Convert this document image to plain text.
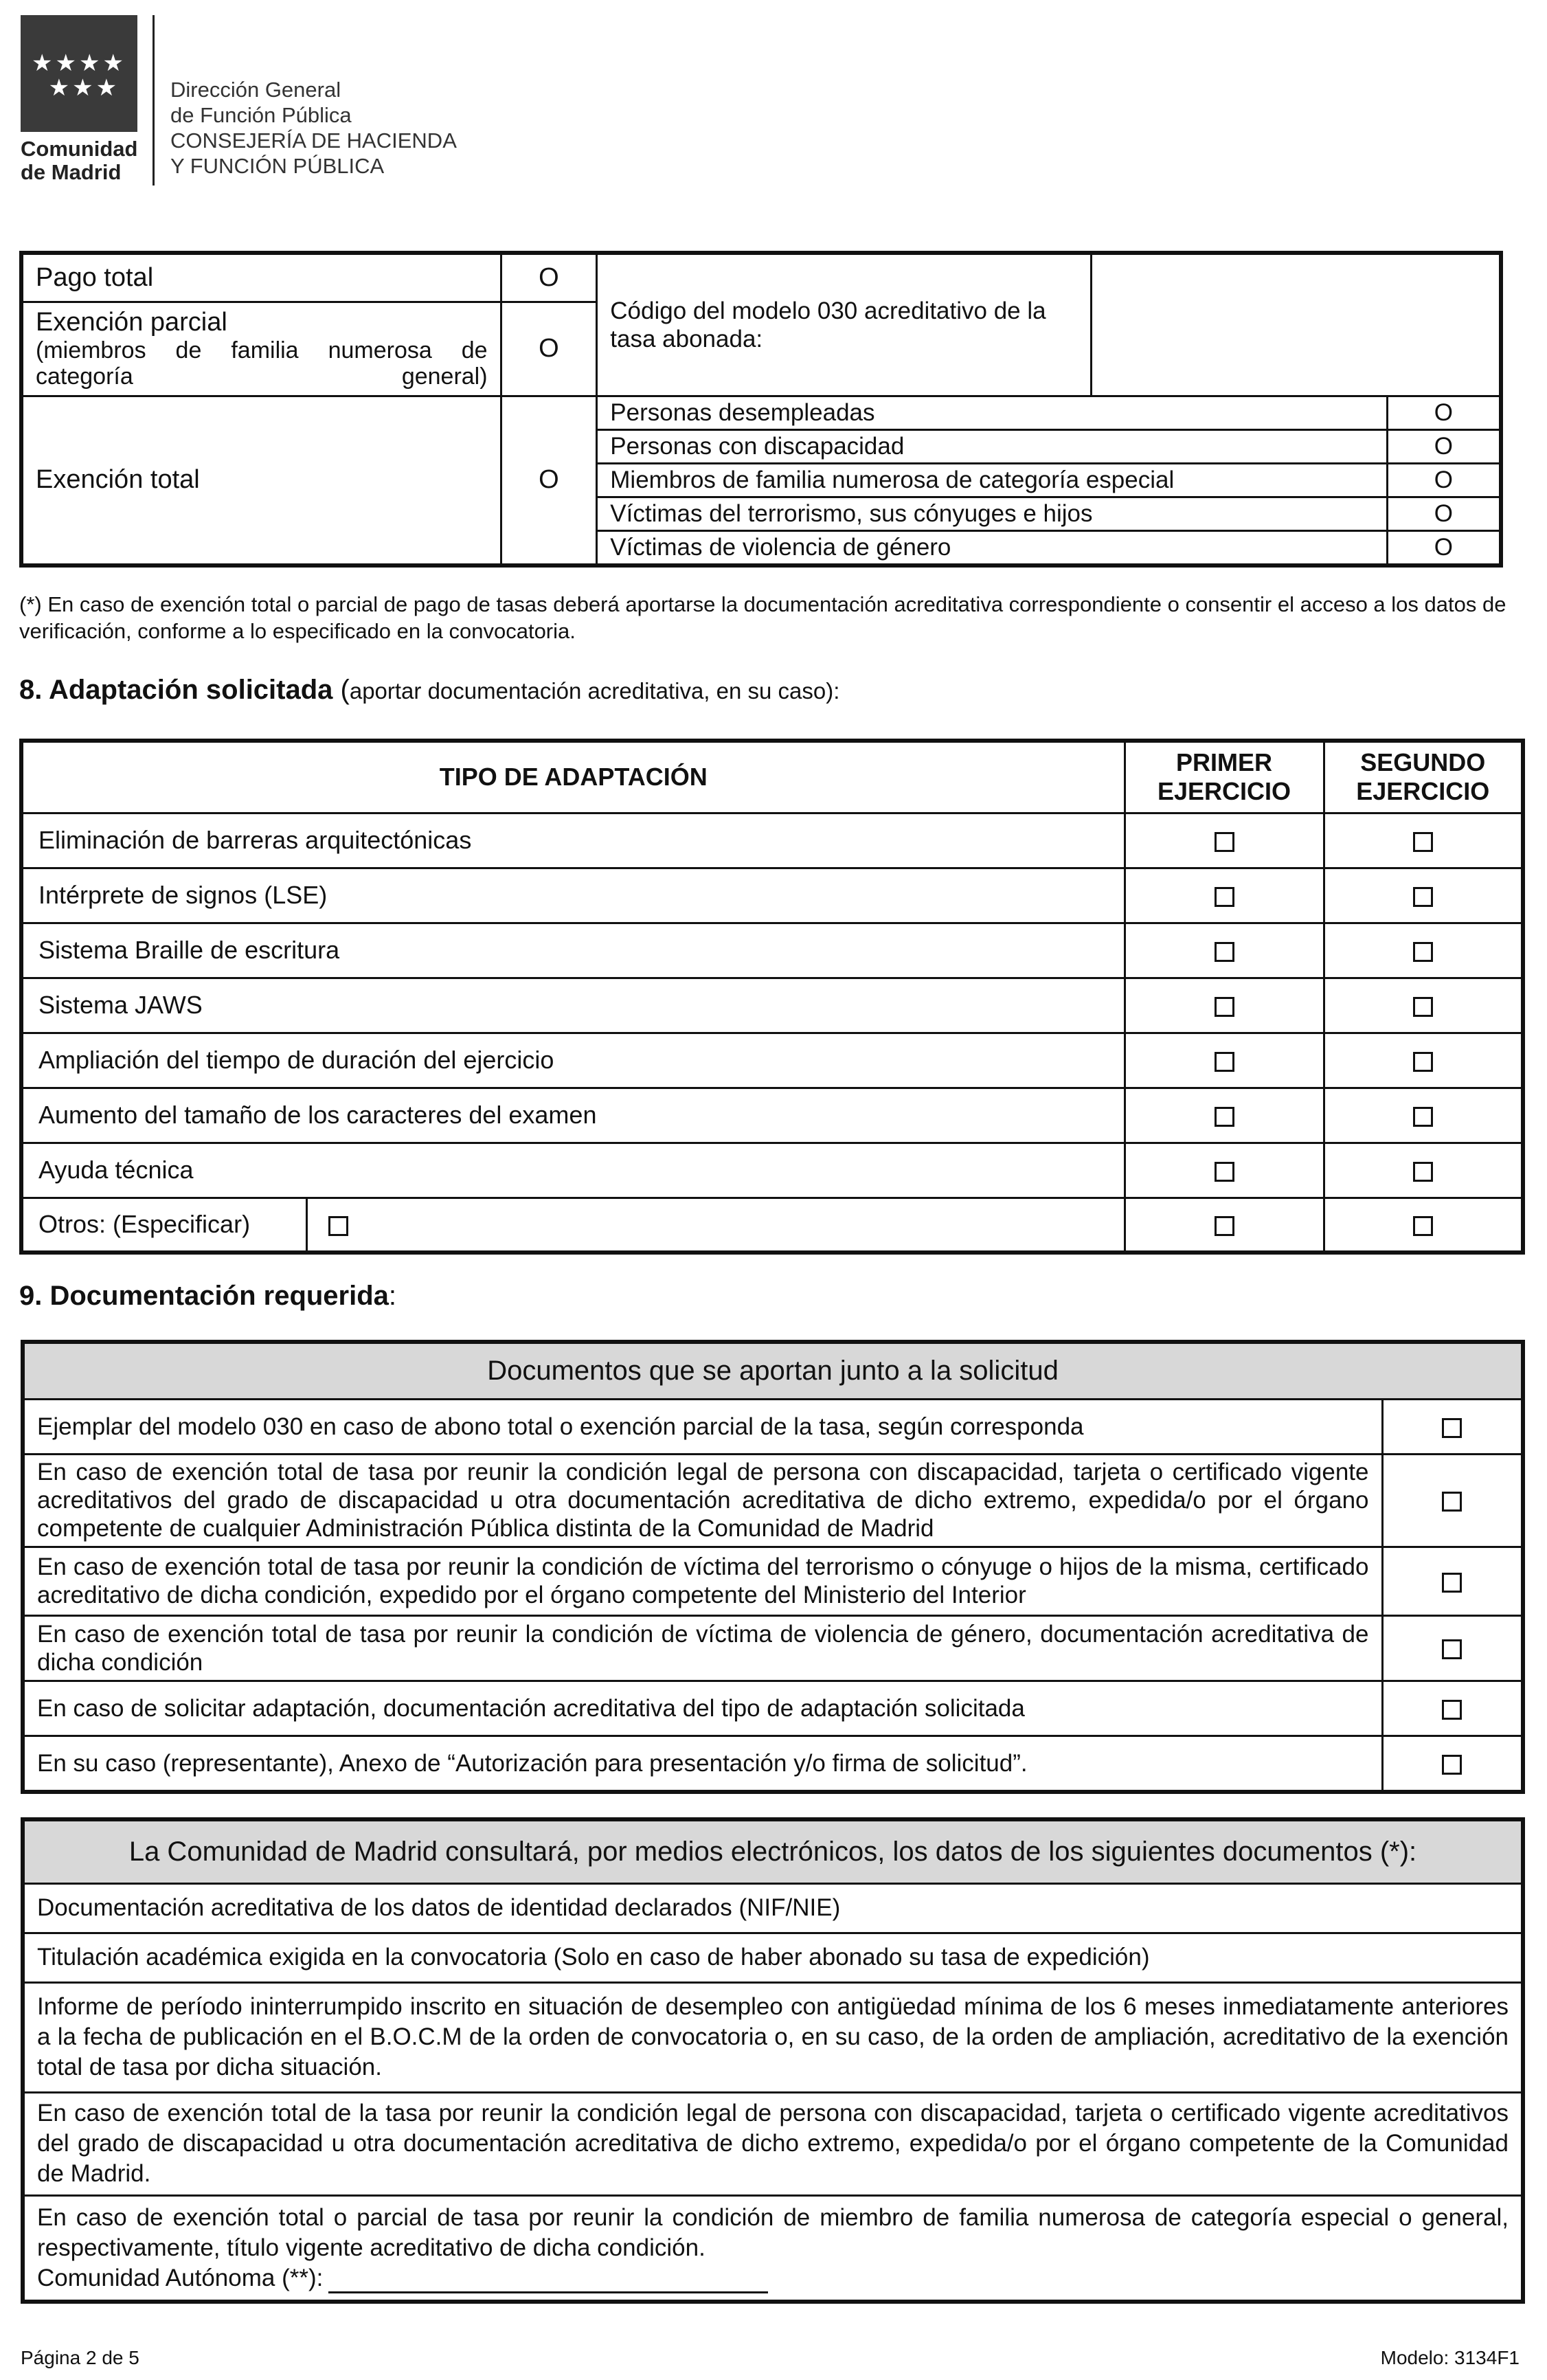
★★★★
★★★
Comunidad
de Madrid
Dirección General
de Función Pública
CONSEJERÍA DE HACIENDA
Y FUNCIÓN PÚBLICA
Pago total	O	Código del modelo 030 acreditativo de la tasa abonada:		

Exención parcial
(miembros de familia numerosa de categoría general)	O			
Exención total	O	Personas desempleadas		O
		Personas con discapacidad		O
		Miembros de familia numerosa de categoría especial		O
		Víctimas del terrorismo, sus cónyuges e hijos		O
		Víctimas de violencia de género		O
(*) En caso de exención total o parcial de pago de tasas deberá aportarse la documentación acreditativa correspondiente o consentir el acceso a los datos de verificación, conforme a lo especificado en la convocatoria.
8. Adaptación solicitada (aportar documentación acreditativa, en su caso):
TIPO DE ADAPTACIÓN		PRIMER EJERCICIO	SEGUNDO EJERCICIO
Eliminación de barreras arquitectónicas			
Intérprete de signos (LSE)			
Sistema Braille de escritura			
Sistema JAWS			
Ampliación del tiempo de duración del ejercicio			
Aumento del tamaño de los caracteres del examen			
Ayuda técnica			
Otros: (Especificar)			
9. Documentación requerida:
Documentos que se aportan junto a la solicitud	
Ejemplar del modelo 030 en caso de abono total o exención parcial de la tasa, según corresponda	
En caso de exención total de tasa por reunir la condición legal de persona con discapacidad, tarjeta o certificado vigente acreditativos del grado de discapacidad u otra documentación acreditativa de dicho extremo, expedida/o por el órgano competente de cualquier Administración Pública distinta de la Comunidad de Madrid	
En caso de exención total de tasa por reunir la condición de víctima del terrorismo o cónyuge o hijos de la misma, certificado acreditativo de dicha condición, expedido por el órgano competente del Ministerio del Interior	
En caso de exención total de tasa por reunir la condición de víctima de violencia de género, documentación acreditativa de dicha condición	
En caso de solicitar adaptación, documentación acreditativa del tipo de adaptación solicitada	
En su caso (representante), Anexo de “Autorización para presentación y/o firma de solicitud”.	
La Comunidad de Madrid consultará, por medios electrónicos, los datos de los siguientes documentos (*):
Documentación acreditativa de los datos de identidad declarados (NIF/NIE)
Titulación académica exigida en la convocatoria (Solo en caso de haber abonado su tasa de expedición)
Informe de período ininterrumpido inscrito en situación de desempleo con antigüedad mínima de los 6 meses inmediatamente anteriores a la fecha de publicación en el B.O.C.M de la orden de convocatoria o, en su caso, de la orden de ampliación, acreditativo de la exención total de tasa por dicha situación.
En caso de exención total de la tasa por reunir la condición legal de persona con discapacidad, tarjeta o certificado vigente acreditativos del grado de discapacidad u otra documentación acreditativa de dicho extremo, expedida/o por el órgano competente de la Comunidad de Madrid.

En caso de exención total o parcial de tasa por reunir la condición de miembro de familia numerosa de categoría especial o general, respectivamente, título vigente acreditativo de dicha condición.
Comunidad Autónoma (**):
Página 2 de 5	Modelo: 3134F1
